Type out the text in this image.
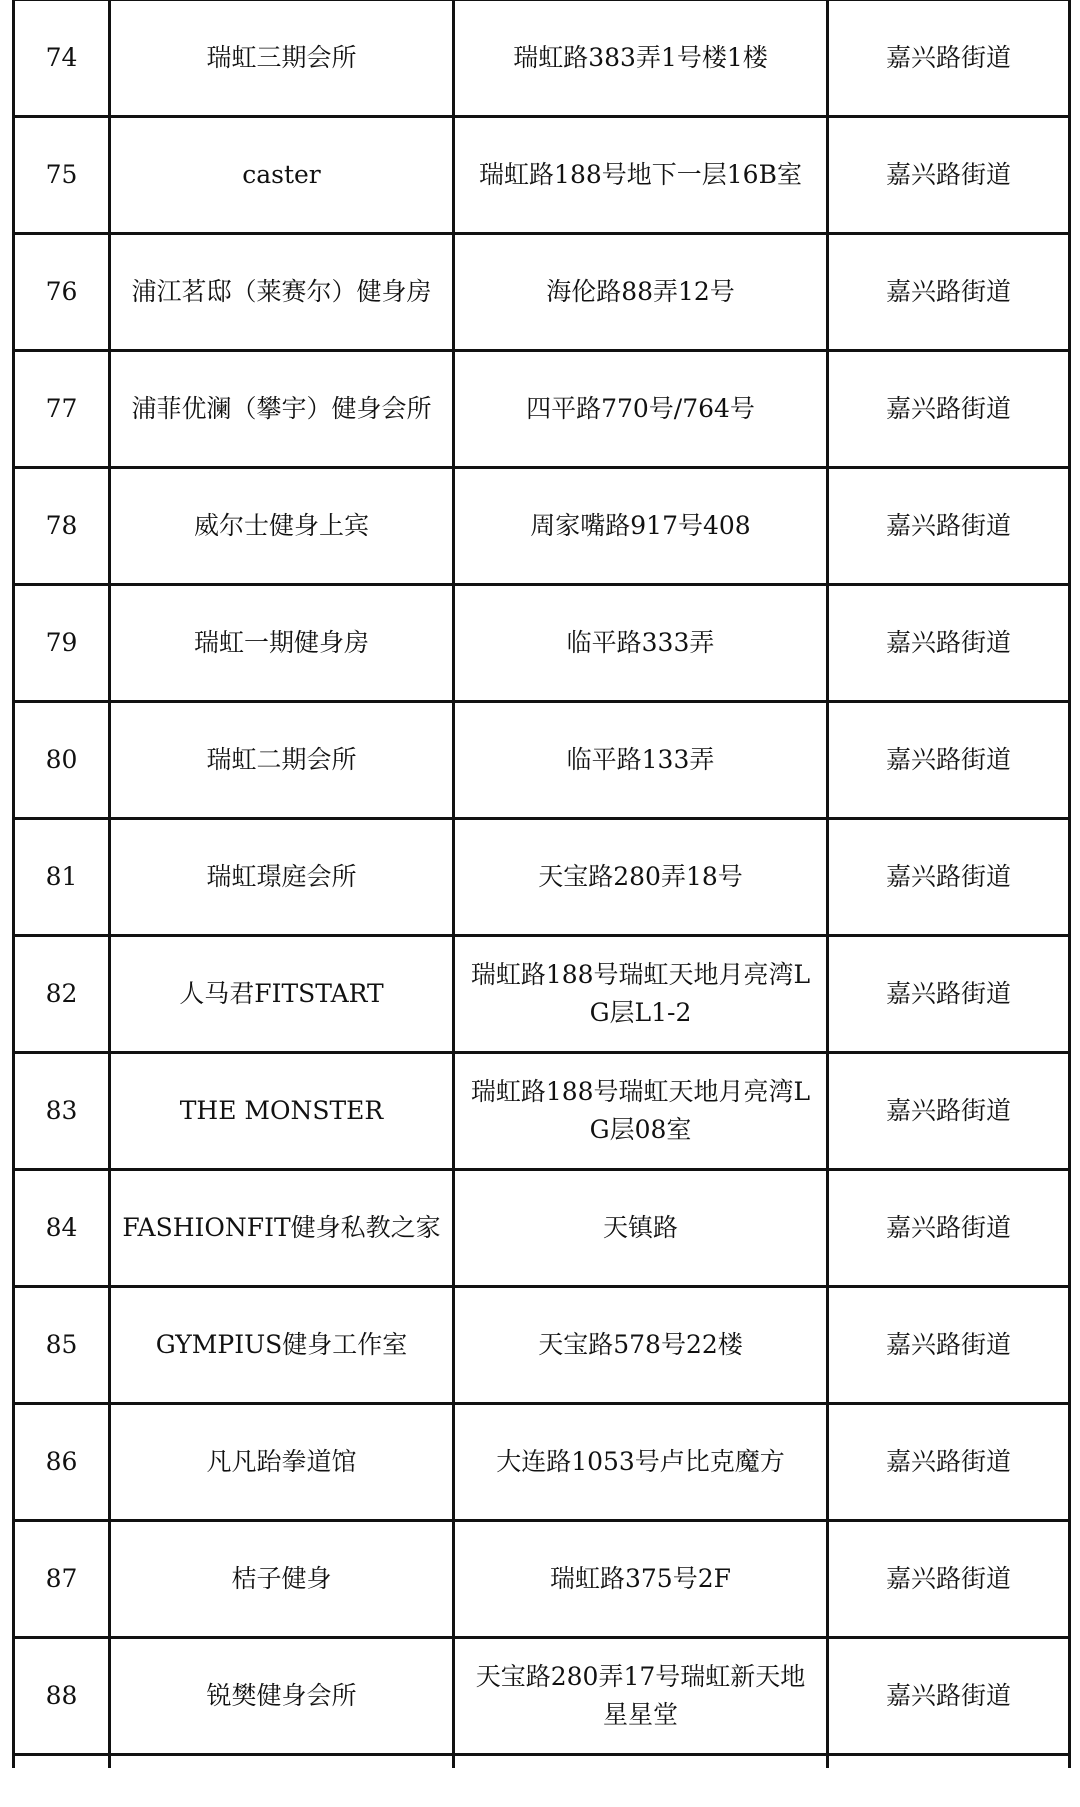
74	瑞虹三期会所	瑞虹路383弄1号楼1楼	嘉兴路街道
75	caster	瑞虹路188号地下一层16B室	嘉兴路街道
76	浦江茗邸（莱赛尔）健身房	海伦路88弄12号	嘉兴路街道
77	浦菲优澜（攀宇）健身会所	四平路770号/764号	嘉兴路街道
78	威尔士健身上宾	周家嘴路917号408	嘉兴路街道
79	瑞虹一期健身房	临平路333弄	嘉兴路街道
80	瑞虹二期会所	临平路133弄	嘉兴路街道
81	瑞虹璟庭会所	天宝路280弄18号	嘉兴路街道
82	人马君FITSTART	瑞虹路188号瑞虹天地月亮湾LG层L1-2	嘉兴路街道
83	THE MONSTER	瑞虹路188号瑞虹天地月亮湾LG层08室	嘉兴路街道
84	FASHIONFIT健身私教之家	天镇路	嘉兴路街道
85	GYMPIUS健身工作室	天宝路578号22楼	嘉兴路街道
86	凡凡跆拳道馆	大连路1053号卢比克魔方	嘉兴路街道
87	桔子健身	瑞虹路375号2F	嘉兴路街道
88	锐樊健身会所	天宝路280弄17号瑞虹新天地星星堂	嘉兴路街道
